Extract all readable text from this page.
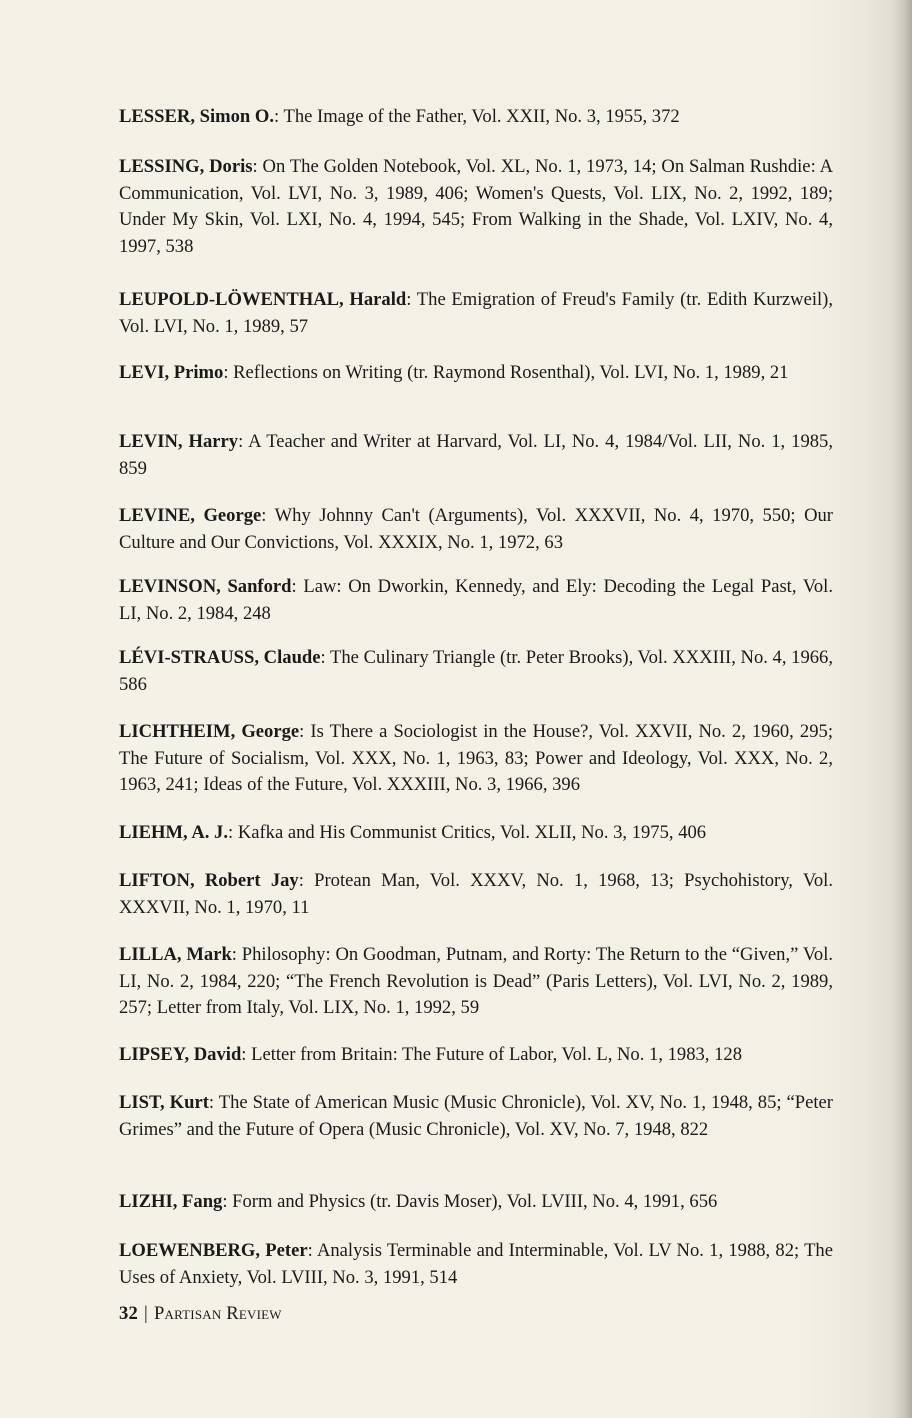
LESSER, Simon O.: The Image of the Father, Vol. XXII, No. 3, 1955, 372

LESSING, Doris: On The Golden Notebook, Vol. XL, No. 1, 1973, 14; On Salman Rushdie: A Communication, Vol. LVI, No. 3, 1989, 406; Women's Quests, Vol. LIX, No. 2, 1992, 189; Under My Skin, Vol. LXI, No. 4, 1994, 545; From Walking in the Shade, Vol. LXIV, No. 4, 1997, 538

LEUPOLD-LÖWENTHAL, Harald: The Emigration of Freud's Family (tr. Edith Kurzweil), Vol. LVI, No. 1, 1989, 57

LEVI, Primo: Reflections on Writing (tr. Raymond Rosenthal), Vol. LVI, No. 1, 1989, 21

LEVIN, Harry: A Teacher and Writer at Harvard, Vol. LI, No. 4, 1984/Vol. LII, No. 1, 1985, 859

LEVINE, George: Why Johnny Can't (Arguments), Vol. XXXVII, No. 4, 1970, 550; Our Culture and Our Convictions, Vol. XXXIX, No. 1, 1972, 63

LEVINSON, Sanford: Law: On Dworkin, Kennedy, and Ely: Decoding the Legal Past, Vol. LI, No. 2, 1984, 248

LÉVI-STRAUSS, Claude: The Culinary Triangle (tr. Peter Brooks), Vol. XXXIII, No. 4, 1966, 586

LICHTHEIM, George: Is There a Sociologist in the House?, Vol. XXVII, No. 2, 1960, 295; The Future of Socialism, Vol. XXX, No. 1, 1963, 83; Power and Ideology, Vol. XXX, No. 2, 1963, 241; Ideas of the Future, Vol. XXXIII, No. 3, 1966, 396

LIEHM, A. J.: Kafka and His Communist Critics, Vol. XLII, No. 3, 1975, 406

LIFTON, Robert Jay: Protean Man, Vol. XXXV, No. 1, 1968, 13; Psychohistory, Vol. XXXVII, No. 1, 1970, 11

LILLA, Mark: Philosophy: On Goodman, Putnam, and Rorty: The Return to the “Given,” Vol. LI, No. 2, 1984, 220; “The French Revolution is Dead” (Paris Letters), Vol. LVI, No. 2, 1989, 257; Letter from Italy, Vol. LIX, No. 1, 1992, 59

LIPSEY, David: Letter from Britain: The Future of Labor, Vol. L, No. 1, 1983, 128

LIST, Kurt: The State of American Music (Music Chronicle), Vol. XV, No. 1, 1948, 85; “Peter Grimes” and the Future of Opera (Music Chronicle), Vol. XV, No. 7, 1948, 822

LIZHI, Fang: Form and Physics (tr. Davis Moser), Vol. LVIII, No. 4, 1991, 656

LOEWENBERG, Peter: Analysis Terminable and Interminable, Vol. LV No. 1, 1988, 82; The Uses of Anxiety, Vol. LVIII, No. 3, 1991, 514

32 | Partisan Review
